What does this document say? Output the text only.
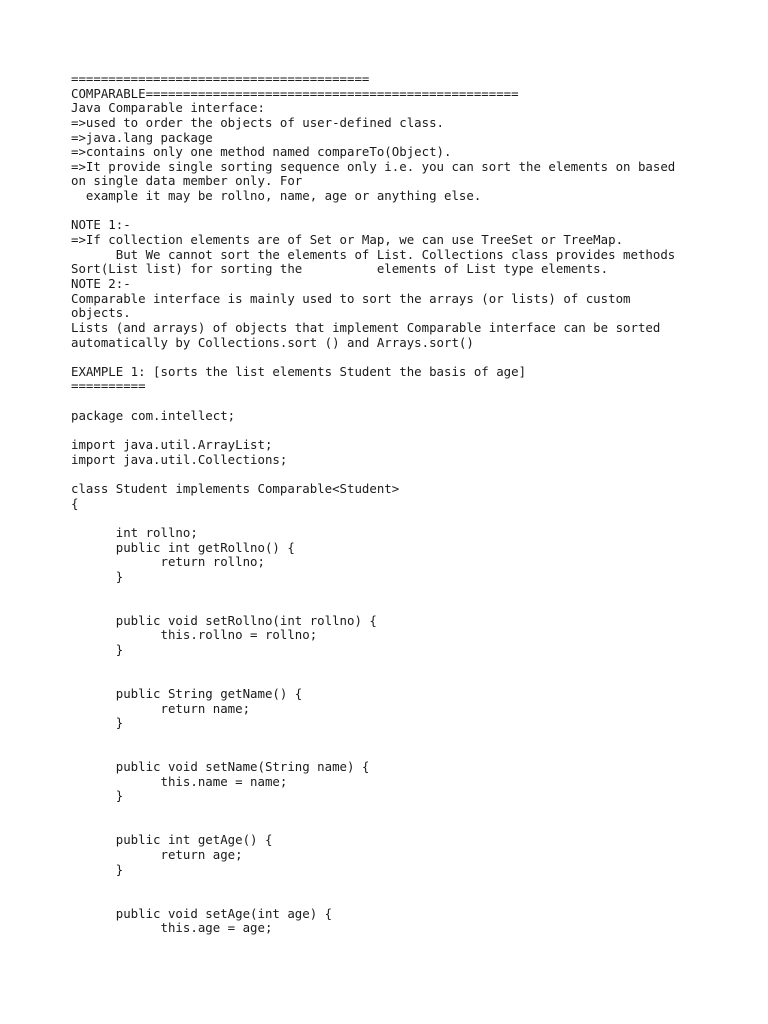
========================================
COMPARABLE==================================================
Java Comparable interface:
=>used to order the objects of user-defined class.
=>java.lang package
=>contains only one method named compareTo(Object).
=>It provide single sorting sequence only i.e. you can sort the elements on based
on single data member only. For
example it may be rollno, name, age or anything else.
NOTE 1:-
=>If collection elements are of Set or Map, we can use TreeSet or TreeMap.
But We cannot sort the elements of List. Collections class provides methods
Sort(List list) for sorting the          elements of List type elements.
NOTE 2:-
Comparable interface is mainly used to sort the arrays (or lists) of custom
objects.
Lists (and arrays) of objects that implement Comparable interface can be sorted
automatically by Collections.sort () and Arrays.sort()
EXAMPLE 1: [sorts the list elements Student the basis of age]
==========
package com.intellect;
import java.util.ArrayList;
import java.util.Collections;
class Student implements Comparable<Student>
{
int rollno;
public int getRollno() {
return rollno;
}
public void setRollno(int rollno) {
this.rollno = rollno;
}
public String getName() {
return name;
}
public void setName(String name) {
this.name = name;
}
public int getAge() {
return age;
}
public void setAge(int age) {
this.age = age;
